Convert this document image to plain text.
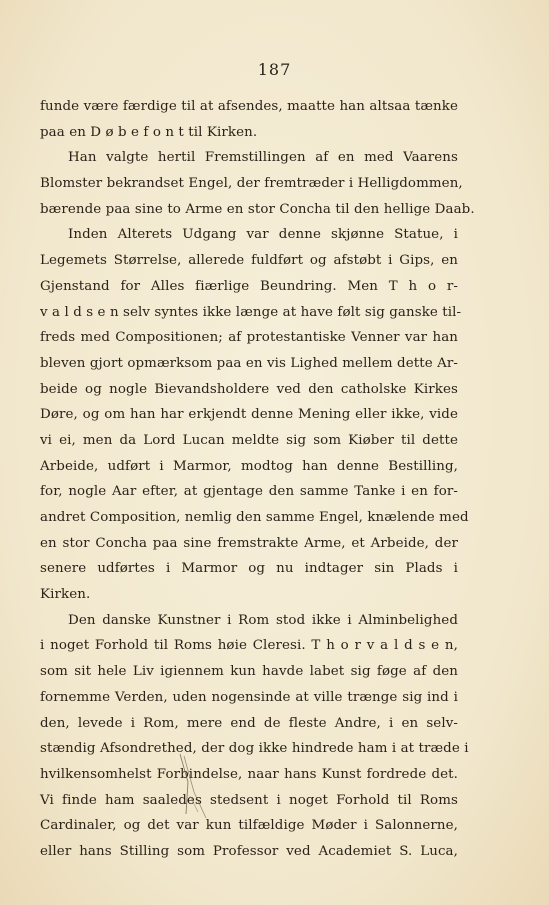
187
funde være færdige til at afsendes, maatte han altsaa tænke
paa en D ø b e f o n t til Kirken.
Han valgte hertil Fremstillingen af en med Vaarens
Blomster bekrandset Engel, der fremtræder i Helligdommen,
bærende paa sine to Arme en stor Concha til den hellige Daab.
Inden Alterets Udgang var denne skjønne Statue, i
Legemets Størrelse, allerede fuldført og afstøbt i Gips, en
Gjenstand for Alles fiærlige Beundring. Men T h o r-
v a l d s e n selv syntes ikke længe at have følt sig ganske til-
freds med Compositionen; af protestantiske Venner var han
bleven gjort opmærksom paa en vis Lighed mellem dette Ar-
beide og nogle Bievandsholdere ved den catholske Kirkes
Døre, og om han har erkjendt denne Mening eller ikke, vide
vi ei, men da Lord Lucan meldte sig som Kiøber til dette
Arbeide, udført i Marmor, modtog han denne Bestilling,
for, nogle Aar efter, at gjentage den samme Tanke i en for-
andret Composition, nemlig den samme Engel, knælende med
en stor Concha paa sine fremstrakte Arme, et Arbeide, der
senere udførtes i Marmor og nu indtager sin Plads i
Kirken.
Den danske Kunstner i Rom stod ikke i Alminbelighed
i noget Forhold til Roms høie Cleresi. T h o r v a l d s e n,
som sit hele Liv igiennem kun havde labet sig føge af den
fornemme Verden, uden nogensinde at ville trænge sig ind i
den, levede i Rom, mere end de fleste Andre, i en selv-
stændig Afsondrethed, der dog ikke hindrede ham i at træde i
hvilkensomhelst Forbindelse, naar hans Kunst fordrede det.
Vi finde ham saaledes stedsent i noget Forhold til Roms
Cardinaler, og det var kun tilfældige Møder i Salonnerne,
eller hans Stilling som Professor ved Academiet S. Luca,
